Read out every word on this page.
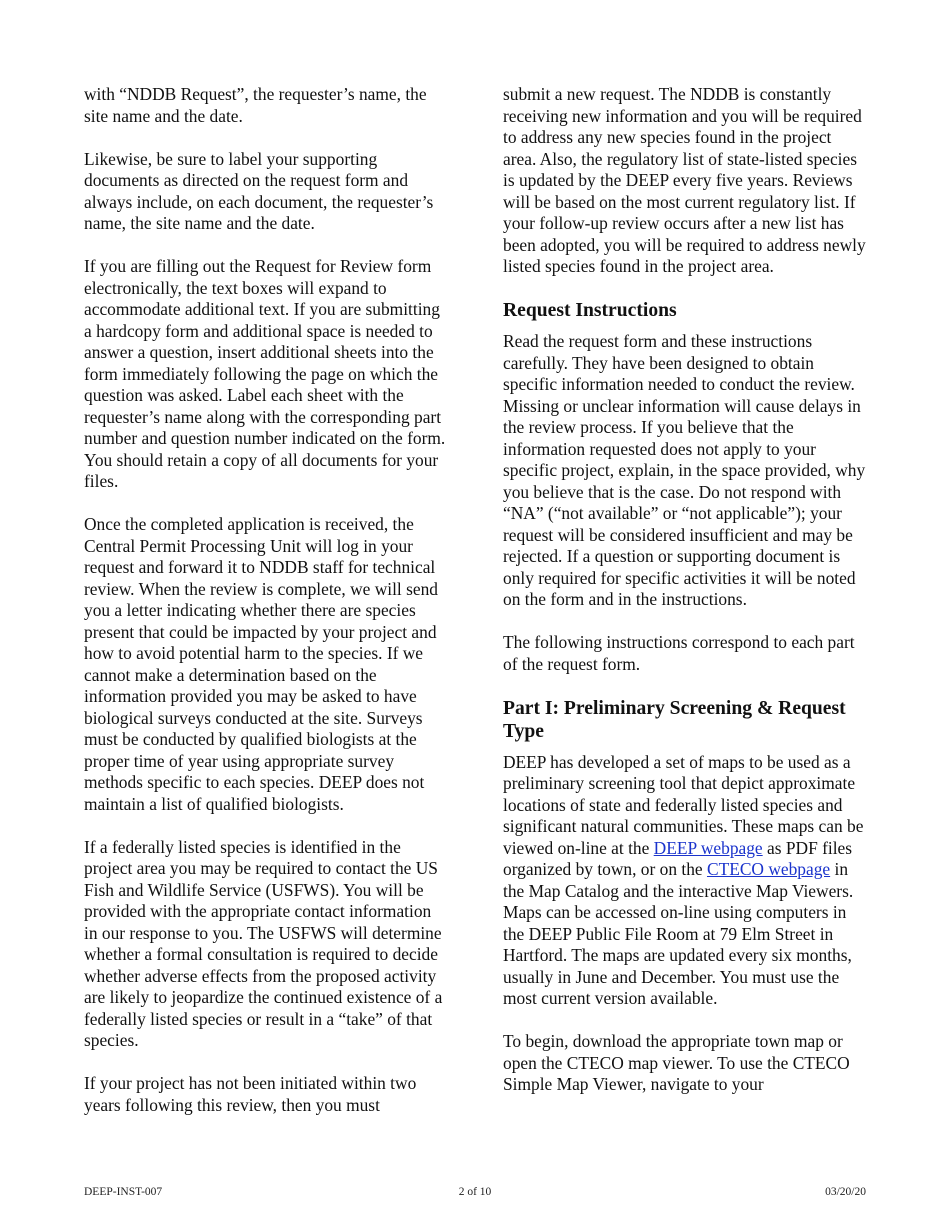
with “NDDB Request”, the requester’s name, the site name and the date.

Likewise, be sure to label your supporting documents as directed on the request form and always include, on each document, the requester’s name, the site name and the date.

If you are filling out the Request for Review form electronically, the text boxes will expand to accommodate additional text. If you are submitting a hardcopy form and additional space is needed to answer a question, insert additional sheets into the form immediately following the page on which the question was asked. Label each sheet with the requester’s name along with the corresponding part number and question number indicated on the form. You should retain a copy of all documents for your files.

Once the completed application is received, the Central Permit Processing Unit will log in your request and forward it to NDDB staff for technical review. When the review is complete, we will send you a letter indicating whether there are species present that could be impacted by your project and how to avoid potential harm to the species. If we cannot make a determination based on the information provided you may be asked to have biological surveys conducted at the site. Surveys must be conducted by qualified biologists at the proper time of year using appropriate survey methods specific to each species. DEEP does not maintain a list of qualified biologists.

If a federally listed species is identified in the project area you may be required to contact the US Fish and Wildlife Service (USFWS). You will be provided with the appropriate contact information in our response to you. The USFWS will determine whether a formal consultation is required to decide whether adverse effects from the proposed activity are likely to jeopardize the continued existence of a federally listed species or result in a “take” of that species.

If your project has not been initiated within two years following this review, then you must

submit a new request. The NDDB is constantly receiving new information and you will be required to address any new species found in the project area. Also, the regulatory list of state-listed species is updated by the DEEP every five years. Reviews will be based on the most current regulatory list. If your follow-up review occurs after a new list has been adopted, you will be required to address newly listed species found in the project area.

Request Instructions

Read the request form and these instructions carefully. They have been designed to obtain specific information needed to conduct the review. Missing or unclear information will cause delays in the review process. If you believe that the information requested does not apply to your specific project, explain, in the space provided, why you believe that is the case. Do not respond with “NA” (“not available” or “not applicable”); your request will be considered insufficient and may be rejected. If a question or supporting document is only required for specific activities it will be noted on the form and in the instructions.

The following instructions correspond to each part of the request form.

Part I: Preliminary Screening & Request Type

DEEP has developed a set of maps to be used as a preliminary screening tool that depict approximate locations of state and federally listed species and significant natural communities. These maps can be viewed on-line at the DEEP webpage as PDF files organized by town, or on the CTECO webpage in the Map Catalog and the interactive Map Viewers. Maps can be accessed on-line using computers in the DEEP Public File Room at 79 Elm Street in Hartford. The maps are updated every six months, usually in June and December. You must use the most current version available.

To begin, download the appropriate town map or open the CTECO map viewer. To use the CTECO Simple Map Viewer, navigate to your

DEEP-INST-007	2 of 10	03/20/20
